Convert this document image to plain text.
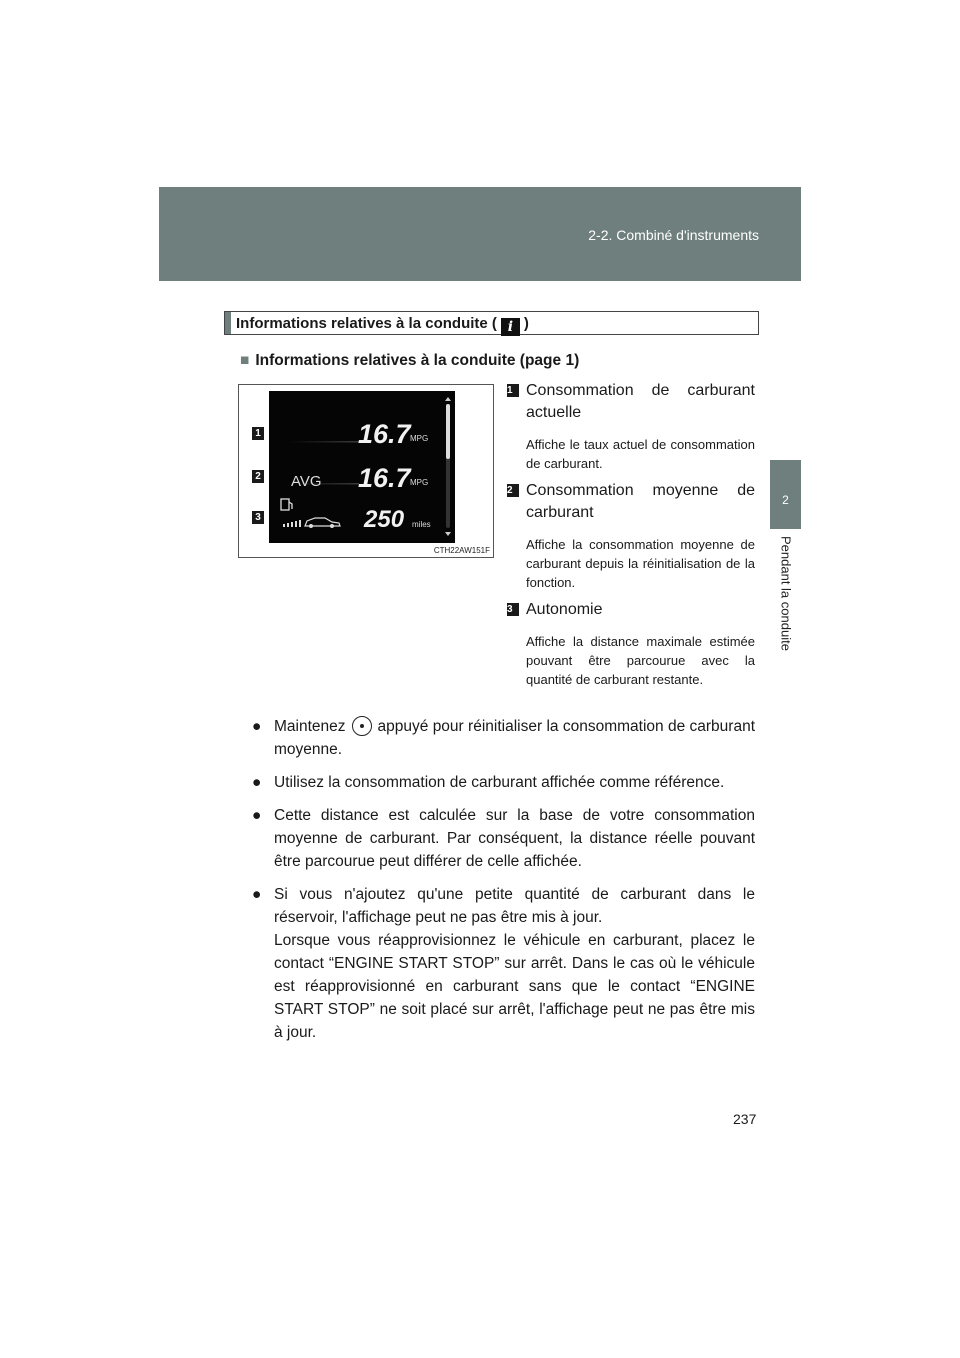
2-2. Combiné d'instruments
2
Pendant la conduite
Informations relatives à la conduite ( i )
■ Informations relatives à la conduite (page 1)
1
2
3
16.7 MPG
AVG 16.7 MPG
250 miles
CTH22AW151F
1 Consommation de carburant actuelle
Affiche le taux actuel de consommation de carburant.
2 Consommation moyenne de carburant
Affiche la consommation moyenne de carburant depuis la réinitialisation de la fonction.
3 Autonomie
Affiche la distance maximale estimée pouvant être parcourue avec la quantité de carburant restante.
● Maintenez appuyé pour réinitialiser la consommation de carburant moyenne.
● Utilisez la consommation de carburant affichée comme référence.
● Cette distance est calculée sur la base de votre consommation moyenne de carburant. Par conséquent, la distance réelle pouvant être parcourue peut différer de celle affichée.
● Si vous n'ajoutez qu'une petite quantité de carburant dans le réservoir, l'affichage peut ne pas être mis à jour.
Lorsque vous réapprovisionnez le véhicule en carburant, placez le contact “ENGINE START STOP” sur arrêt. Dans le cas où le véhicule est réapprovisionné en carburant sans que le contact “ENGINE START STOP” ne soit placé sur arrêt, l'affichage peut ne pas être mis à jour.
237
